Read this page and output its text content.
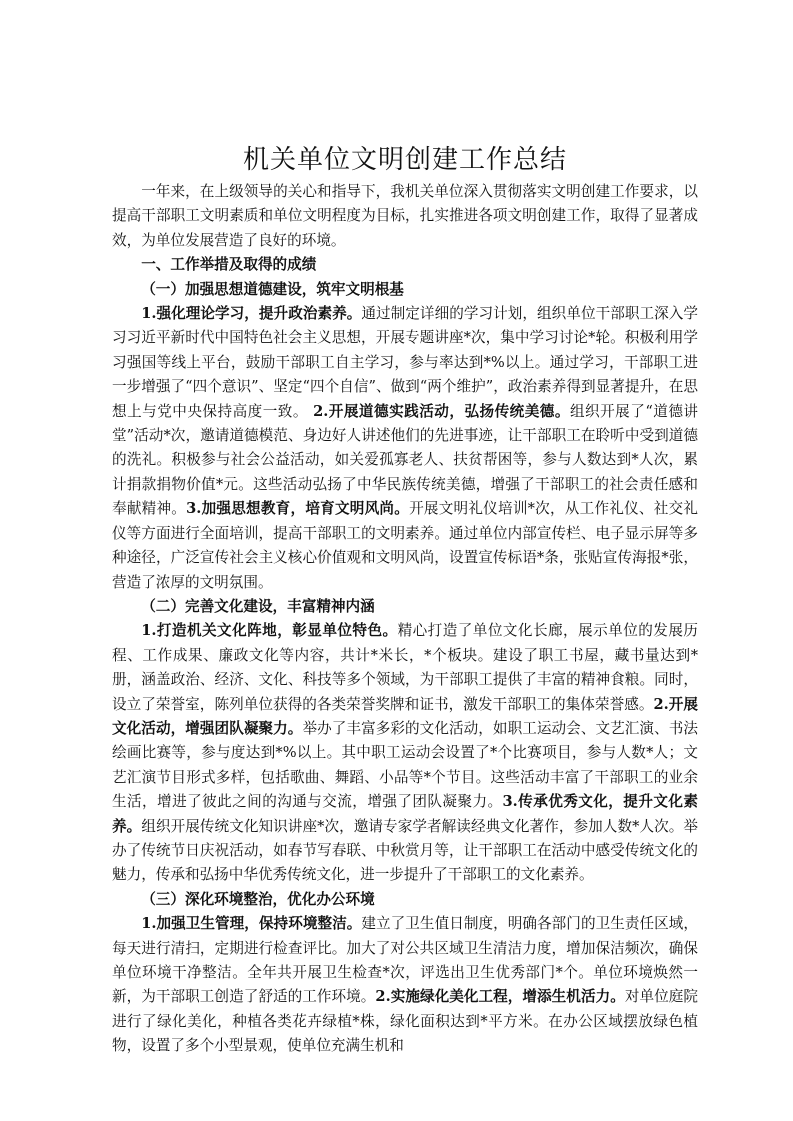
机关单位文明创建工作总结

一年来，在上级领导的关心和指导下，我机关单位深入贯彻落实文明创建工作要求，以提高干部职工文明素质和单位文明程度为目标，扎实推进各项文明创建工作，取得了显著成效，为单位发展营造了良好的环境。

一、工作举措及取得的成绩

（一）加强思想道德建设，筑牢文明根基

1.强化理论学习，提升政治素养。通过制定详细的学习计划，组织单位干部职工深入学习习近平新时代中国特色社会主义思想，开展专题讲座*次，集中学习讨论*轮。积极利用学习强国等线上平台，鼓励干部职工自主学习，参与率达到*%以上。通过学习，干部职工进一步增强了“四个意识”、坚定“四个自信”、做到“两个维护”，政治素养得到显著提升，在思想上与党中央保持高度一致。 2.开展道德实践活动，弘扬传统美德。组织开展了“道德讲堂”活动*次，邀请道德模范、身边好人讲述他们的先进事迹，让干部职工在聆听中受到道德的洗礼。积极参与社会公益活动，如关爱孤寡老人、扶贫帮困等，参与人数达到*人次，累计捐款捐物价值*元。这些活动弘扬了中华民族传统美德，增强了干部职工的社会责任感和奉献精神。3.加强思想教育，培育文明风尚。开展文明礼仪培训*次，从工作礼仪、社交礼仪等方面进行全面培训，提高干部职工的文明素养。通过单位内部宣传栏、电子显示屏等多种途径，广泛宣传社会主义核心价值观和文明风尚，设置宣传标语*条，张贴宣传海报*张，营造了浓厚的文明氛围。

（二）完善文化建设，丰富精神内涵

1.打造机关文化阵地，彰显单位特色。精心打造了单位文化长廊，展示单位的发展历程、工作成果、廉政文化等内容，共计*米长，*个板块。建设了职工书屋，藏书量达到*册，涵盖政治、经济、文化、科技等多个领域，为干部职工提供了丰富的精神食粮。同时，设立了荣誉室，陈列单位获得的各类荣誉奖牌和证书，激发干部职工的集体荣誉感。2.开展文化活动，增强团队凝聚力。举办了丰富多彩的文化活动，如职工运动会、文艺汇演、书法绘画比赛等，参与度达到*%以上。其中职工运动会设置了*个比赛项目，参与人数*人；文艺汇演节目形式多样，包括歌曲、舞蹈、小品等*个节目。这些活动丰富了干部职工的业余生活，增进了彼此之间的沟通与交流，增强了团队凝聚力。3.传承优秀文化，提升文化素养。组织开展传统文化知识讲座*次，邀请专家学者解读经典文化著作，参加人数*人次。举办了传统节日庆祝活动，如春节写春联、中秋赏月等，让干部职工在活动中感受传统文化的魅力，传承和弘扬中华优秀传统文化，进一步提升了干部职工的文化素养。

（三）深化环境整治，优化办公环境

1.加强卫生管理，保持环境整洁。建立了卫生值日制度，明确各部门的卫生责任区域，每天进行清扫，定期进行检查评比。加大了对公共区域卫生清洁力度，增加保洁频次，确保单位环境干净整洁。全年共开展卫生检查*次，评选出卫生优秀部门*个。单位环境焕然一新，为干部职工创造了舒适的工作环境。2.实施绿化美化工程，增添生机活力。对单位庭院进行了绿化美化，种植各类花卉绿植*株，绿化面积达到*平方米。在办公区域摆放绿色植物，设置了多个小型景观，使单位充满生机和
